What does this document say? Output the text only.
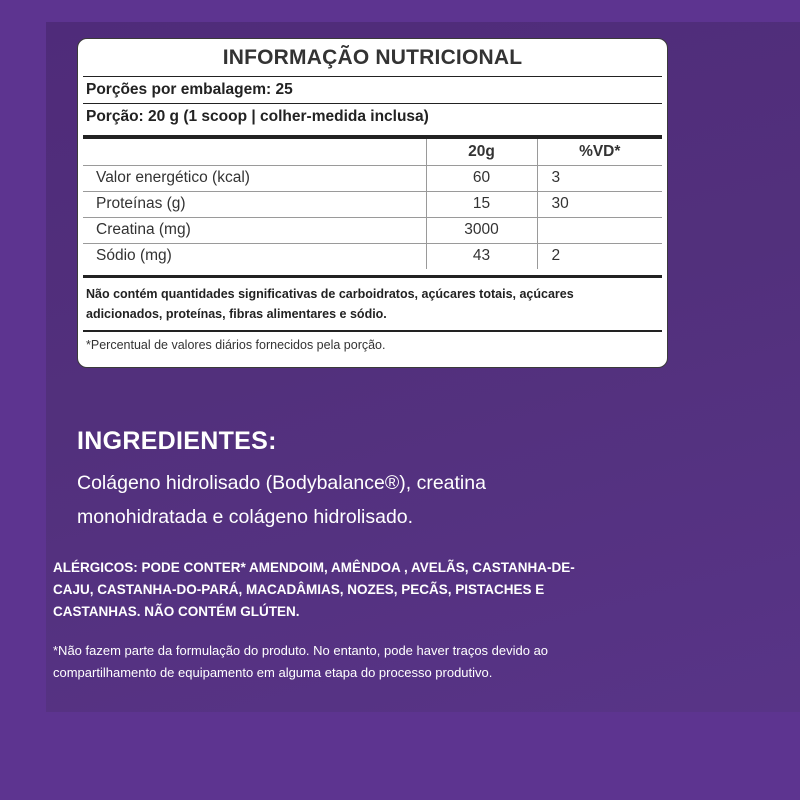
INFORMAÇÃO NUTRICIONAL
Porções por embalagem: 25
Porção: 20 g (1 scoop | colher-medida inclusa)
	20g	%VD*
Valor energético (kcal)	60	3
Proteínas (g)	15	30
Creatina (mg)	3000	
Sódio (mg)	43	2
Não contém quantidades significativas de carboidratos, açúcares totais, açúcares adicionados, proteínas, fibras alimentares e sódio.
*Percentual de valores diários fornecidos pela porção.
INGREDIENTES:

Colágeno hidrolisado (Bodybalance®), creatina monohidratada e colágeno hidrolisado.

ALÉRGICOS: PODE CONTER* AMENDOIM, AMÊNDOA , AVELÃS, CASTANHA-DE-CAJU, CASTANHA-DO-PARÁ, MACADÂMIAS, NOZES, PECÃS, PISTACHES E CASTANHAS. NÃO CONTÉM GLÚTEN.

*Não fazem parte da formulação do produto. No entanto, pode haver traços devido ao compartilhamento de equipamento em alguma etapa do processo produtivo.
